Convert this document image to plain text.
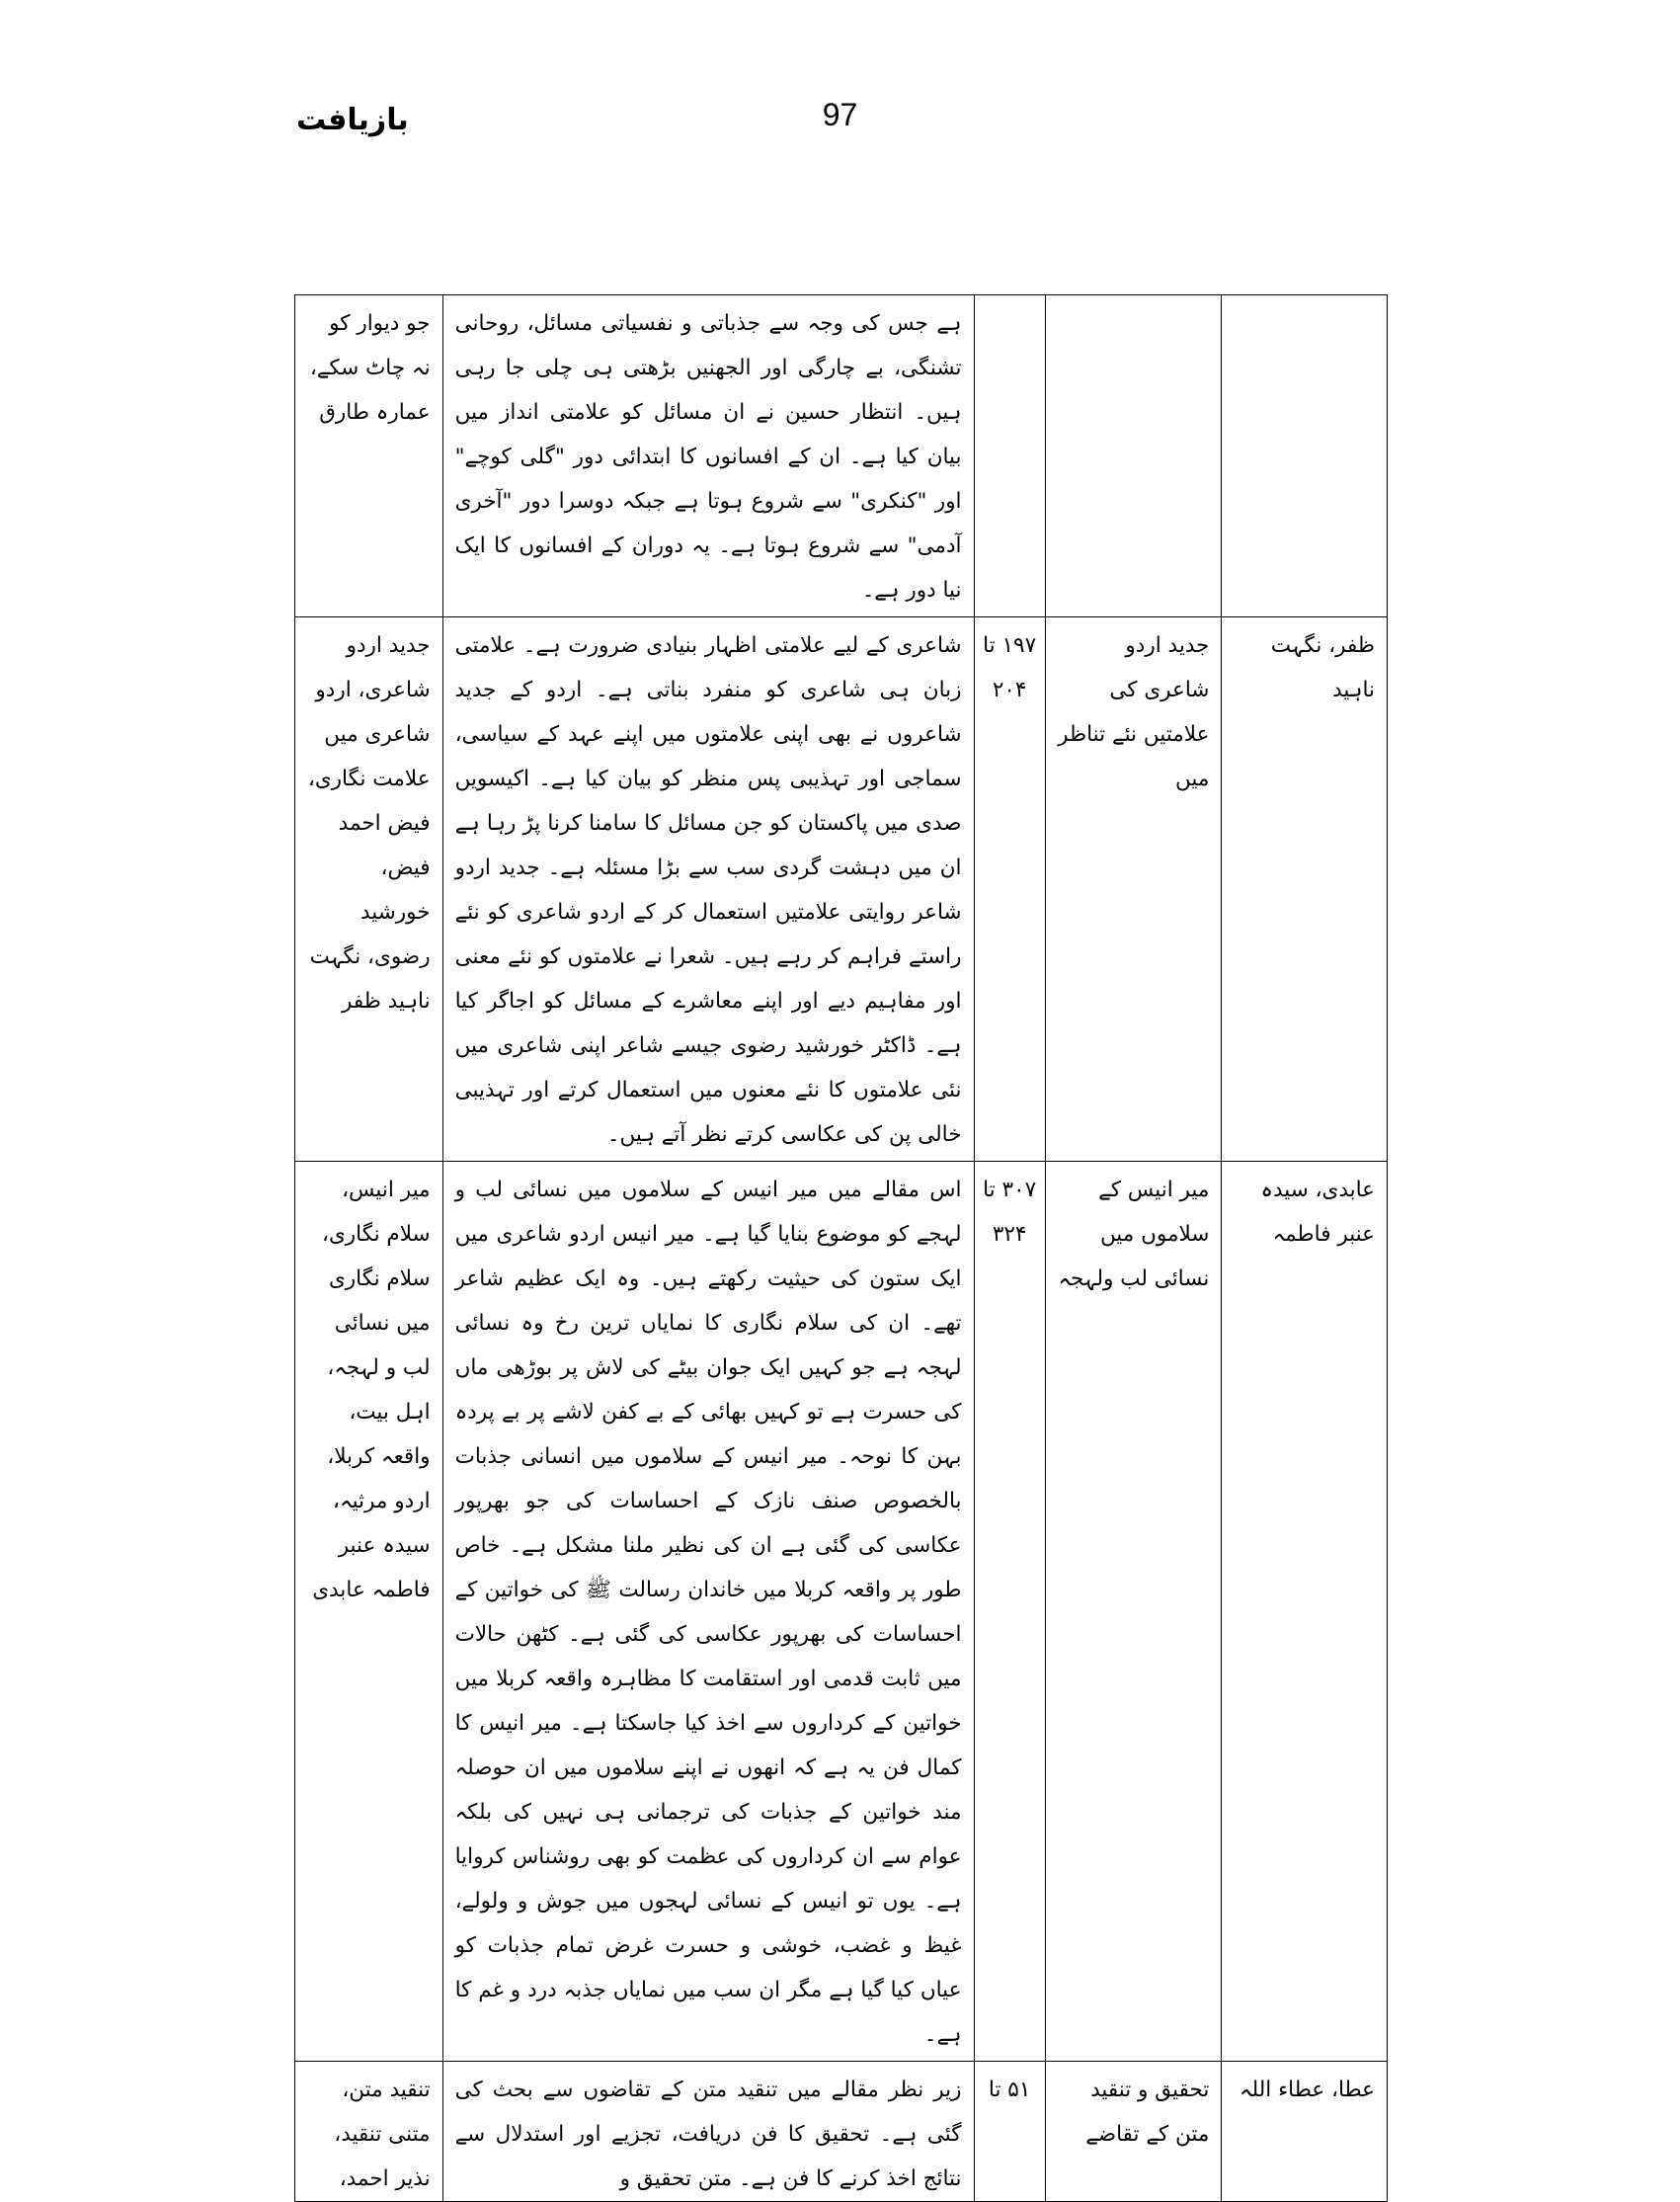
بازیافت	97
			ہے جس کی وجہ سے جذباتی و نفسیاتی مسائل، روحانی تشنگی، بے چارگی اور الجھنیں بڑھتی ہی چلی جا رہی ہیں۔ انتظار حسین نے ان مسائل کو علامتی انداز میں بیان کیا ہے۔ ان کے افسانوں کا ابتدائی دور "گلی کوچے" اور "کنکری" سے شروع ہوتا ہے جبکہ دوسرا دور "آخری آدمی" سے شروع ہوتا ہے۔ یہ دوران کے افسانوں کا ایک نیا دور ہے۔	جو دیوار کو نہ چاٹ سکے، عمارہ طارق
ظفر، نگہت ناہید	جدید اردو شاعری کی علامتیں نئے تناظر میں	۱۹۷ تا ۲۰۴	شاعری کے لیے علامتی اظہار بنیادی ضرورت ہے۔ علامتی زبان ہی شاعری کو منفرد بناتی ہے۔ اردو کے جدید شاعروں نے بھی اپنی علامتوں میں اپنے عہد کے سیاسی، سماجی اور تہذیبی پس منظر کو بیان کیا ہے۔ اکیسویں صدی میں پاکستان کو جن مسائل کا سامنا کرنا پڑ رہا ہے ان میں دہشت گردی سب سے بڑا مسئلہ ہے۔ جدید اردو شاعر روایتی علامتیں استعمال کر کے اردو شاعری کو نئے راستے فراہم کر رہے ہیں۔ شعرا نے علامتوں کو نئے معنی اور مفاہیم دیے اور اپنے معاشرے کے مسائل کو اجاگر کیا ہے۔ ڈاکٹر خورشید رضوی جیسے شاعر اپنی شاعری میں نئی علامتوں کا نئے معنوں میں استعمال کرتے اور تہذیبی خالی پن کی عکاسی کرتے نظر آتے ہیں۔	جدید اردو شاعری، اردو شاعری میں علامت نگاری، فیض احمد فیض، خورشید رضوی، نگہت ناہید ظفر
عابدی، سیدہ عنبر فاطمہ	میر انیس کے سلاموں میں نسائی لب ولہجہ	۳۰۷ تا ۳۲۴	اس مقالے میں میر انیس کے سلاموں میں نسائی لب و لہجے کو موضوع بنایا گیا ہے۔ میر انیس اردو شاعری میں ایک ستون کی حیثیت رکھتے ہیں۔ وہ ایک عظیم شاعر تھے۔ ان کی سلام نگاری کا نمایاں ترین رخ وہ نسائی لہجہ ہے جو کہیں ایک جوان بیٹے کی لاش پر بوڑھی ماں کی حسرت ہے تو کہیں بھائی کے بے کفن لاشے پر بے پردہ بہن کا نوحہ۔ میر انیس کے سلاموں میں انسانی جذبات بالخصوص صنف نازک کے احساسات کی جو بھرپور عکاسی کی گئی ہے ان کی نظیر ملنا مشکل ہے۔ خاص طور پر واقعہ کربلا میں خاندان رسالت ﷺ کی خواتین کے احساسات کی بھرپور عکاسی کی گئی ہے۔ کٹھن حالات میں ثابت قدمی اور استقامت کا مظاہرہ واقعہ کربلا میں خواتین کے کرداروں سے اخذ کیا جاسکتا ہے۔ میر انیس کا کمال فن یہ ہے کہ انھوں نے اپنے سلاموں میں ان حوصلہ مند خواتین کے جذبات کی ترجمانی ہی نہیں کی بلکہ عوام سے ان کرداروں کی عظمت کو بھی روشناس کروایا ہے۔ یوں تو انیس کے نسائی لہجوں میں جوش و ولولے، غیظ و غضب، خوشی و حسرت غرض تمام جذبات کو عیاں کیا گیا ہے مگر ان سب میں نمایاں جذبہ درد و غم کا ہے۔	میر انیس، سلام نگاری، سلام نگاری میں نسائی لب و لہجہ، اہل بیت، واقعہ کربلا، اردو مرثیہ، سیدہ عنبر فاطمہ عابدی
عطا، عطاء اللہ	تحقیق و تنقید متن کے تقاضے	۵۱ تا	زیر نظر مقالے میں تنقید متن کے تقاضوں سے بحث کی گئی ہے۔ تحقیق کا فن دریافت، تجزیے اور استدلال سے نتائج اخذ کرنے کا فن ہے۔ متن تحقیق و	تنقید متن، متنی تنقید، نذیر احمد،
